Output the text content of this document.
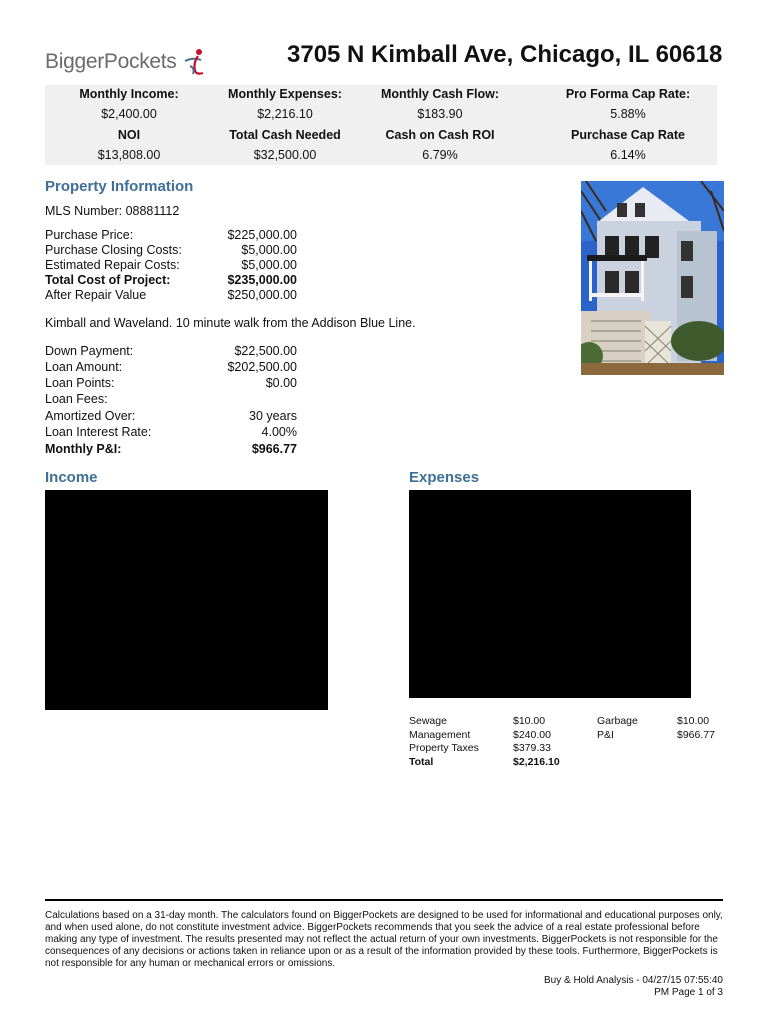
BiggerPockets	3705 N Kimball Ave, Chicago, IL 60618
Monthly Income:	Monthly Expenses:	Monthly Cash Flow:	Pro Forma Cap Rate:
$2,400.00	$2,216.10	$183.90	5.88%
NOI	Total Cash Needed	Cash on Cash ROI	Purchase Cap Rate
$13,808.00	$32,500.00	6.79%	6.14%
Property Information
MLS Number: 08881112
Purchase Price:	$225,000.00
Purchase Closing Costs:	$5,000.00
Estimated Repair Costs:	$5,000.00
Total Cost of Project:	$235,000.00
After Repair Value	$250,000.00
Kimball and Waveland. 10 minute walk from the Addison Blue Line.
Down Payment:	$22,500.00
Loan Amount:	$202,500.00
Loan Points:	$0.00
Loan Fees:
Amortized Over:	30 years
Loan Interest Rate:	4.00%
Monthly P&I:	$966.77
Income	Expenses
Sewage	$10.00	Garbage	$10.00
Management	$240.00	P&I	$966.77
Property Taxes	$379.33
Total	$2,216.10
Calculations based on a 31-day month. The calculators found on BiggerPockets are designed to be used for informational and educational purposes only, and when used alone, do not constitute investment advice. BiggerPockets recommends that you seek the advice of a real estate professional before making any type of investment. The results presented may not reflect the actual return of your own investments. BiggerPockets is not responsible for the consequences of any decisions or actions taken in reliance upon or as a result of the information provided by these tools. Furthermore, BiggerPockets is not responsible for any human or mechanical errors or omissions.
Buy & Hold Analysis - 04/27/15 07:55:40
PM Page 1 of 3
